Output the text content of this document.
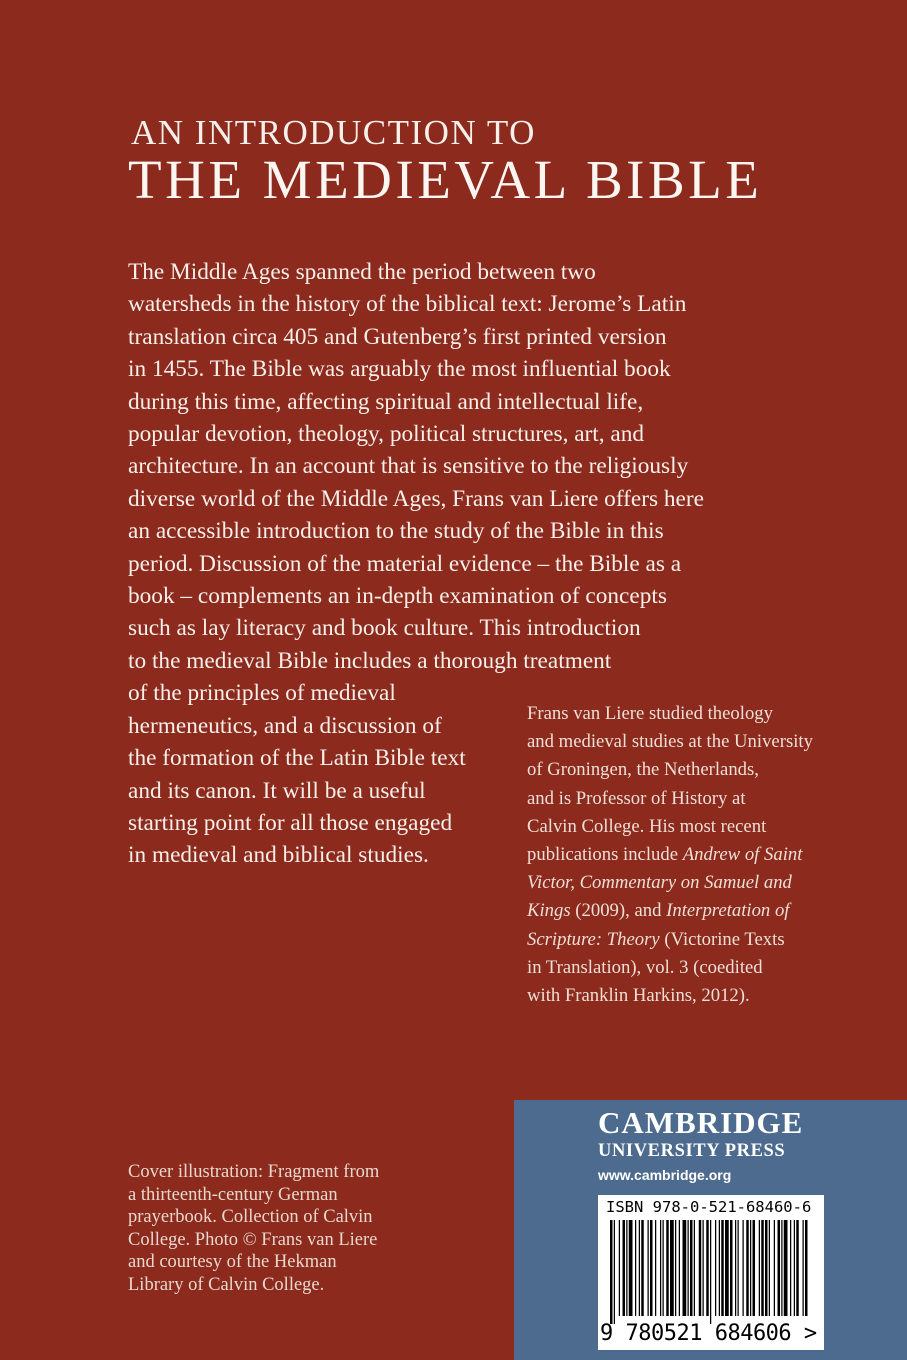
AN INTRODUCTION TO
THE MEDIEVAL BIBLE
The Middle Ages spanned the period between two
watersheds in the history of the biblical text: Jerome’s Latin
translation circa 405 and Gutenberg’s first printed version
in 1455. The Bible was arguably the most influential book
during this time, affecting spiritual and intellectual life,
popular devotion, theology, political structures, art, and
architecture. In an account that is sensitive to the religiously
diverse world of the Middle Ages, Frans van Liere offers here
an accessible introduction to the study of the Bible in this
period. Discussion of the material evidence – the Bible as a
book – complements an in-depth examination of concepts
such as lay literacy and book culture. This introduction
to the medieval Bible includes a thorough treatment
of the principles of medieval
hermeneutics, and a discussion of
the formation of the Latin Bible text
and its canon. It will be a useful
starting point for all those engaged
in medieval and biblical studies.
Frans van Liere studied theology
and medieval studies at the University
of Groningen, the Netherlands,
and is Professor of History at
Calvin College. His most recent
publications include Andrew of Saint
Victor, Commentary on Samuel and
Kings (2009), and Interpretation of
Scripture: Theory (Victorine Texts
in Translation), vol. 3 (coedited
with Franklin Harkins, 2012).
Cover illustration: Fragment from
a thirteenth-century German
prayerbook. Collection of Calvin
College. Photo © Frans van Liere
and courtesy of the Hekman
Library of Calvin College.
CAMBRIDGE
UNIVERSITY PRESS
www.cambridge.org
ISBN 978-0-521-68460-6
9 780521 684606 >
